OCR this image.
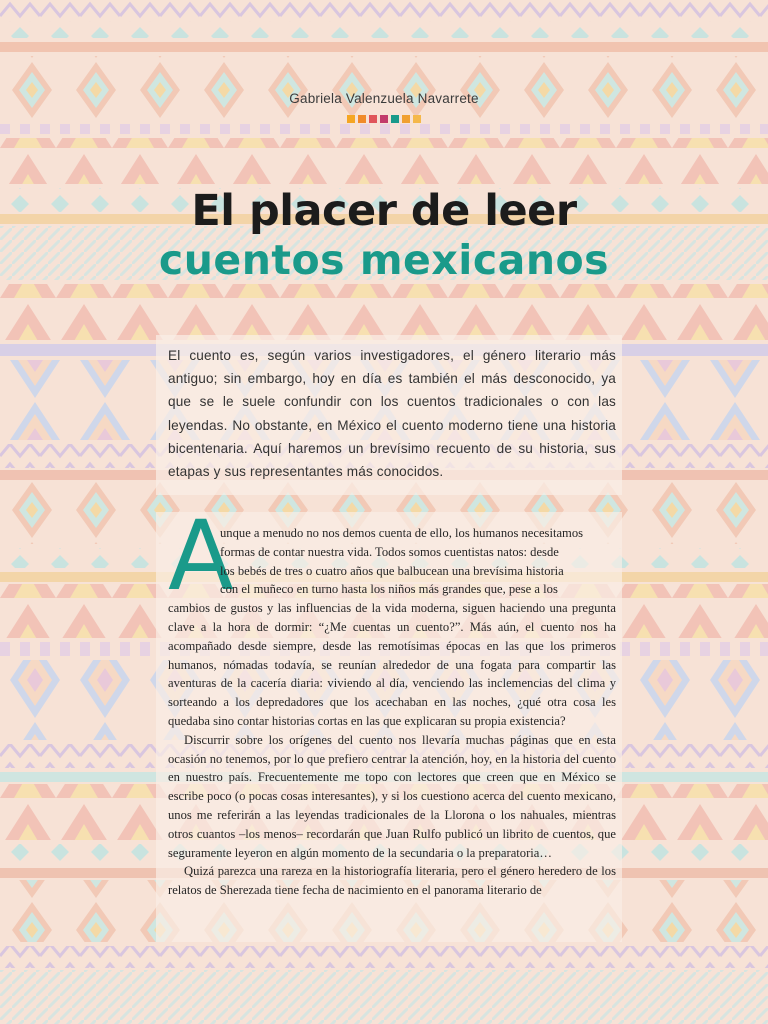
Gabriela Valenzuela Navarrete
El placer de leer
cuentos mexicanos

El cuento es, según varios investigadores, el género literario más antiguo; sin embargo, hoy en día es también el más desconocido, ya que se le suele confundir con los cuentos tradicionales o con las leyendas. No obstante, en México el cuento moderno tiene una historia bicentenaria. Aquí haremos un brevísimo recuento de su historia, sus etapas y sus representantes más conocidos.

A

unque a menudo no nos demos cuenta de ello, los humanos necesitamos
formas de contar nuestra vida. Todos somos cuentistas natos: desde
los bebés de tres o cuatro años que balbucean una brevísima historia
con el muñeco en turno hasta los niños más grandes que, pese a los
cambios de gustos y las influencias de la vida moderna, siguen haciendo una pregunta clave a la hora de dormir: “¿Me cuentas un cuento?”. Más aún, el cuento nos ha acompañado desde siempre, desde las remotísimas épocas en las que los primeros humanos, nómadas todavía, se reunían alrededor de una fogata para compartir las aventuras de la cacería diaria: viviendo al día, venciendo las inclemencias del clima y sorteando a los depredadores que los acechaban en las noches, ¿qué otra cosa les quedaba sino contar historias cortas en las que explicaran su propia existencia?

Discurrir sobre los orígenes del cuento nos llevaría muchas páginas que en esta ocasión no tenemos, por lo que prefiero centrar la atención, hoy, en la historia del cuento en nuestro país. Frecuentemente me topo con lectores que creen que en México se escribe poco (o pocas cosas interesantes), y si los cuestiono acerca del cuento mexicano, unos me referirán a las leyendas tradicionales de la Llorona o los nahuales, mientras otros cuantos –los menos– recordarán que Juan Rulfo publicó un librito de cuentos, que seguramente leyeron en algún momento de la secundaria o la preparatoria…

Quizá parezca una rareza en la historiografía literaria, pero el género heredero de los relatos de Sherezada tiene fecha de nacimiento en el panorama literario de
